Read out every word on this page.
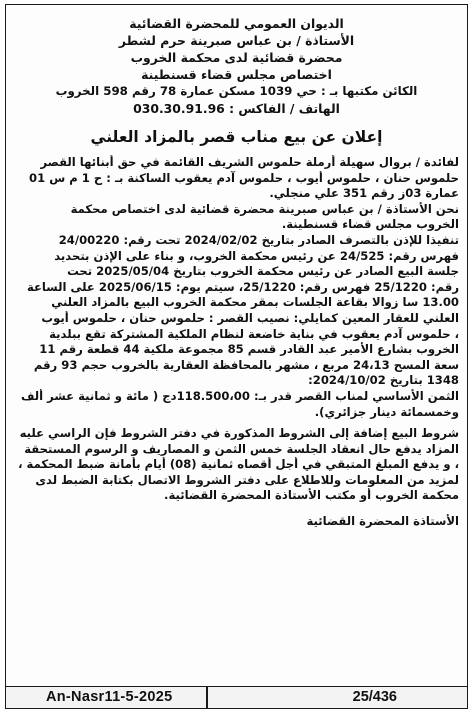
الديوان العمومي للمحضرة القضائية
الأستاذة / بن عباس صبرينة حرم لشطر
محضرة قضائية لدى محكمة الخروب
اختصاص مجلس قضاء قسنطينة
الكائن مكتبها بـ : حي 1039 مسكن عمارة 78 رقم 598 الخروب
الهاتف / الفاكس : 030.30.91.96
إعلان عن بيع مناب قصر بالمزاد العلني

لفائدة / بروال سهيلة أرملة حلموس الشريف القائمة في حق أبنائها القصر
حلموس حنان ، حلموس أيوب ، حلموس آدم يعقوب الساكنة بـ : ح 1 م س 01
عمارة 03ز رقم 351 علي منجلي.

نحن الأستاذة / بن عباس صبرينة محضرة قضائية لدى اختصاص محكمة
الخروب مجلس قضاء قسنطينة.

تنفيذا للإذن بالتصرف الصادر بتاريخ 2024/02/02 تحت رقم: 24/00220
فهرس رقم: 24/525 عن رئيس محكمة الخروب، و بناء على الإذن بتحديد
جلسة البيع الصادر عن رئيس محكمة الخروب بتاريخ 2025/05/04 تحت
رقم: 25/1220 فهرس رقم: 25/1220، سيتم يوم: 2025/06/15 على الساعة
13.00 سا زوالا بقاعة الجلسات بمقر محكمة الخروب البيع بالمزاد العلني
العلني للعقار المعين كمايلي: نصيب القصر : حلموس حنان ، حلموس أيوب
، حلموس آدم يعقوب في بناية خاضعة لنظام الملكية المشتركة تقع ببلدية
الخروب بشارع الأمير عبد القادر قسم 85 مجموعة ملكية 44 قطعة رقم 11
سعة المسح 24،13 مربع ، مشهر بالمحافظة العقارية بالخروب حجم 93 رقم
1348 بتاريخ 2024/10/02:

الثمن الأساسي لمناب القصر قدر بـ: 118.500،00دج ( مائة و ثمانية عشر ألف
وخمسمائة دينار جزائري).

شروط البيع إضافة إلى الشروط المذكورة في دفتر الشروط فإن الراسي عليه
المزاد يدفع حال انعقاد الجلسة خمس الثمن و المصاريف و الرسوم المستحقة
، و يدفع المبلغ المتبقي في أجل أقصاه ثمانية (08) أيام بأمانة ضبط المحكمة ،
لمزيد من المعلومات وللاطلاع على دفتر الشروط الاتصال بكتابة الضبط لدى
محكمة الخروب أو مكتب الأستاذة المحضرة القضائية.

الأستاذة المحضرة القضائية
An-Nasr11-5-2025	25/436
